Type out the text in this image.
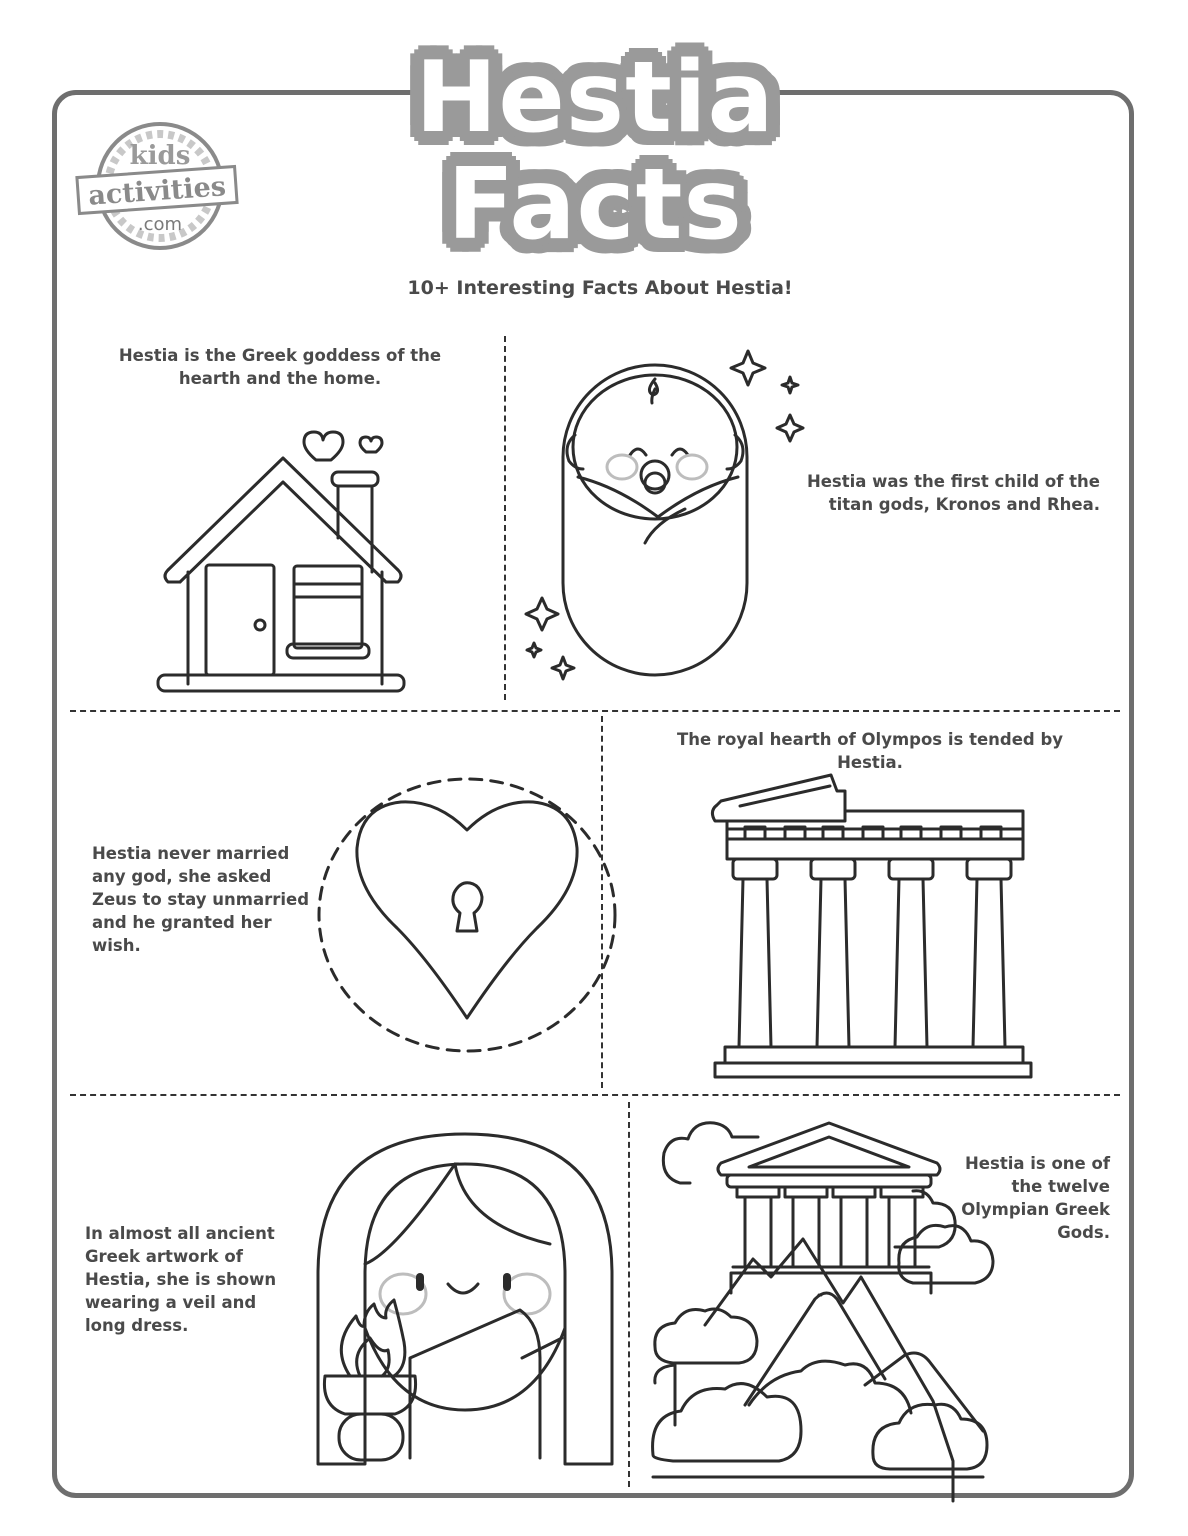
kids
activities
.com
Hestia
Facts
10+ Interesting Facts About Hestia!
Hestia is the Greek goddess of the hearth and the home.
Hestia was the first child of the titan gods, Kronos and Rhea.
Hestia never married any god, she asked Zeus to stay unmarried and he granted her wish.
The royal hearth of Olympos is tended by Hestia.
In almost all ancient Greek artwork of Hestia, she is shown wearing a veil and long dress.
Hestia is one of the twelve Olympian Greek Gods.
